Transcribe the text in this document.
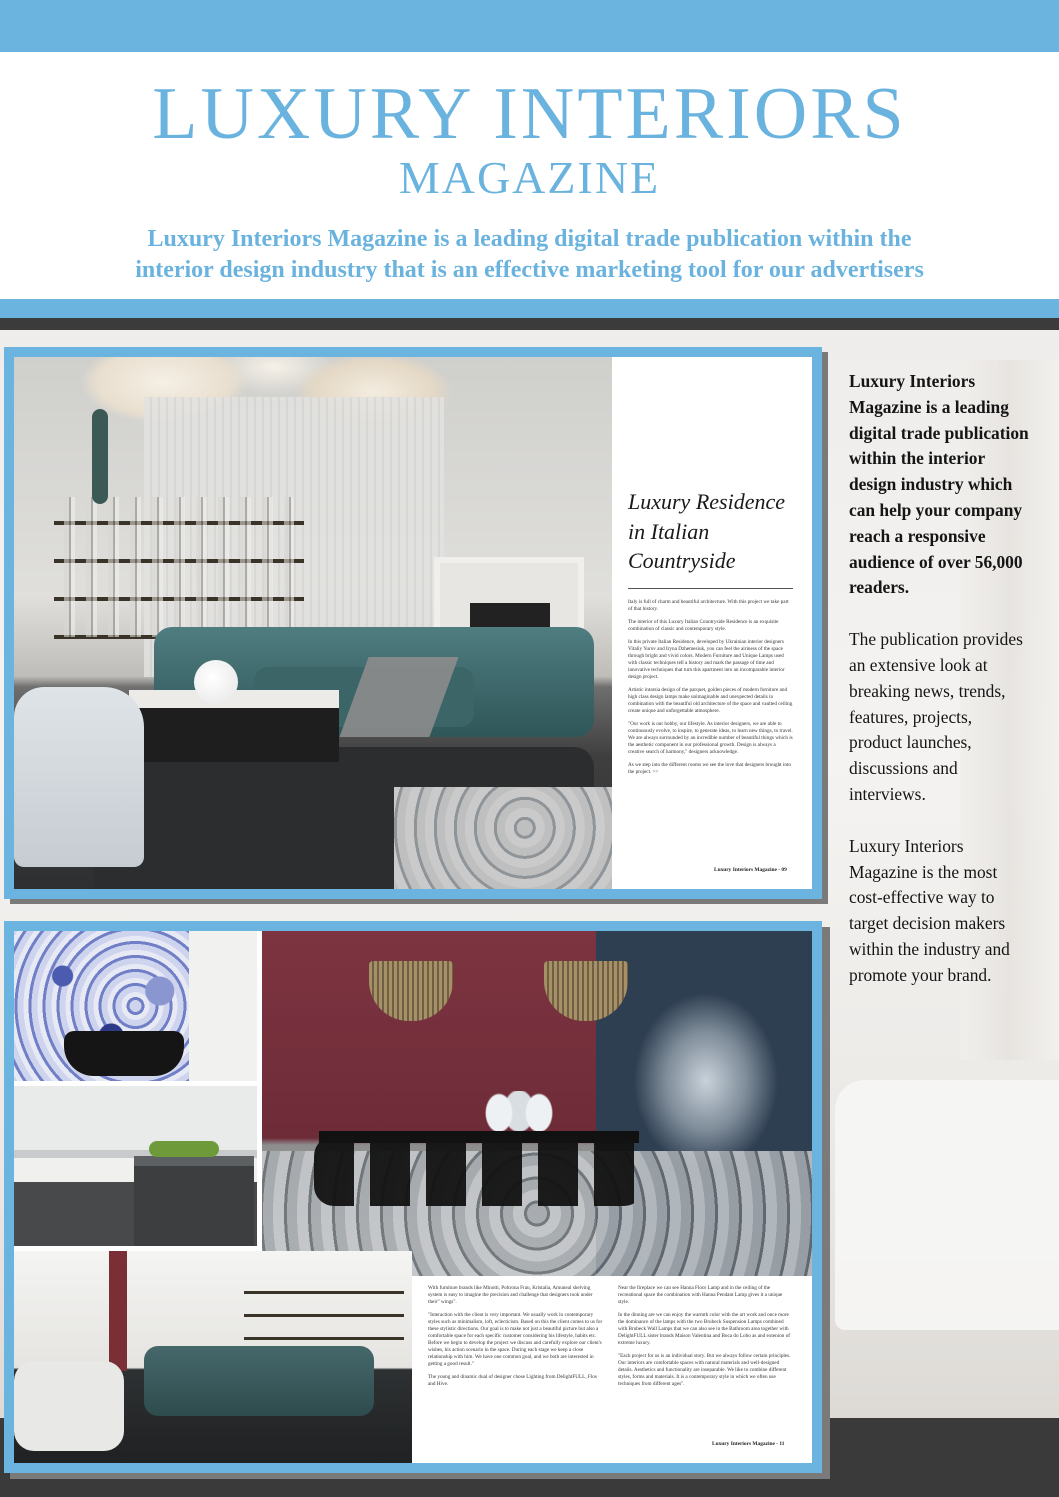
LUXURY INTERIORS
MAGAZINE
Luxury Interiors Magazine is a leading digital trade publication within the
interior design industry that is an effective marketing tool for our advertisers
Luxury Residence in Italian Countryside

Italy is full of charm and beautiful architecture. With this project we take part of that history.

The interior of this Luxury Italian Countryside Residence is an exquisite combination of classic and contemporary style.

In this private Italian Residence, developed by Ukrainian interior designers Vitaliy Yurov and Iryna Dzhemesiuk, you can feel the airiness of the space through bright and vivid colors. Modern Furniture and Unique Lamps used with classic techniques tell a history and mark the passage of time and innovative techniques that turn this apartment into an incomparable interior design project.

Artistic intarsia design of the parquet, golden pieces of modern furniture and high class design lamps make unimaginable and unexpected details in combination with the beautiful old architecture of the space and vaulted ceiling create unique and unforgettable atmosphere.

"Our work is our hobby, our lifestyle. As interior designers, we are able to continuously evolve, to inspire, to generate ideas, to learn new things, to travel. We are always surrounded by an incredible number of beautiful things which is the aesthetic component in our professional growth. Design is always a creative search of harmony," designers acknowledge.

As we step into the different rooms we see the love that designers brought into the project. >>

Luxury Interiors Magazine - 09

With furniture brands like Minotti, Poltrona Frau, Kristalia, Amuneal shelving system is easy to imagine the precision and challenge that designers took under their" wings".

"Interaction with the client is very important. We usually work in contemporary styles such as minimalism, loft, eclecticism. Based on this the client comes to us for these stylistic directions. Our goal is to make not just a beautiful picture but also a comfortable space for each specific customer considering his lifestyle, habits etc. Before we begin to develop the project we discuss and carefully explore our client's wishes, his action scenario in the space. During each stage we keep a close relationship with him. We have one common goal, and we both are interested in getting a good result."

The young and dinamic dual of designer chose Lighting from DelightFULL, Flos and Hive.

Near the fireplace we can see Hanna Floor Lamp and in the ceiling of the recreational space the combination with Hanna Pendant Lamp gives it a unique style.

In the dinning are we can enjoy the warmth color with the art work and once more the dominance of the lamps with the two Brubeck Suspension Lamps combined with Brubeck Wall Lamps that we can also see in the Bathroom area together with DelightFULL sister brands Maison Valentina and Boca do Lobo as and extenion of extreme luxury.

"Each project for us is an individual story. But we always follow certain principles. Our interiors are comfortable spaces with natural materials and well-designed details. Aesthetics and functionality are inseparable. We like to combine different styles, forms and materials. It is a contemporary style in which we often use techniques from different ages".

Luxury Interiors Magazine - 11

Luxury Interiors Magazine is a leading digital trade publication within the interior design industry which can help your company reach a responsive audience of over 56,000 readers.

The publication provides an extensive look at breaking news, trends, features, projects, product launches, discussions and interviews.

Luxury Interiors Magazine is the most cost-effective way to target decision makers within the industry and promote your brand.
